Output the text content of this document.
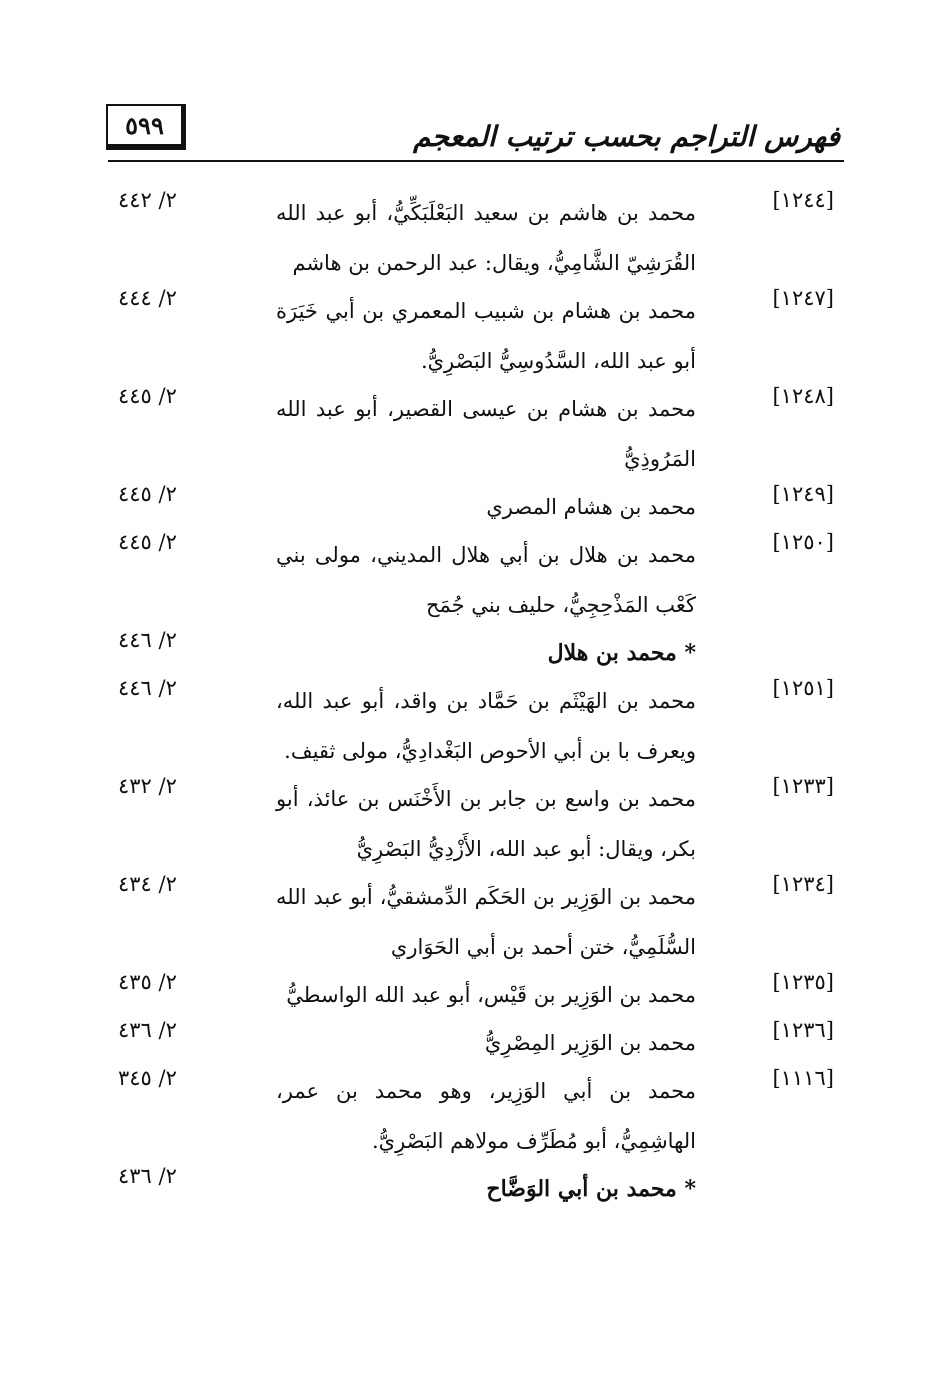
٥٩٩	فهرس التراجم بحسب ترتيب المعجم
[١٢٤٤]
محمد بن هاشم بن سعيد البَعْلَبَكِّيُّ، أبو عبد الله القُرَشِيّ الشَّامِيُّ، ويقال: عبد الرحمن بن هاشم
٢/ ٤٤٢
[١٢٤٧]
محمد بن هشام بن شبيب المعمري بن أبي خَيَرَة أبو عبد الله، السَّدُوسِيُّ البَصْرِيُّ.
٢/ ٤٤٤
[١٢٤٨]
محمد بن هشام بن عيسى القصير، أبو عبد الله المَرُوذِيُّ
٢/ ٤٤٥
[١٢٤٩]
محمد بن هشام المصري
٢/ ٤٤٥
[١٢٥٠]
محمد بن هلال بن أبي هلال المديني، مولى بني كَعْب المَذْحِجِيُّ، حليف بني جُمَح
٢/ ٤٤٥
* محمد بن هلال
٢/ ٤٤٦
[١٢٥١]
محمد بن الهَيْثَم بن حَمَّاد بن واقد، أبو عبد الله، ويعرف با بن أبي الأحوص البَغْدادِيُّ، مولى ثقيف.
٢/ ٤٤٦
[١٢٣٣]
محمد بن واسع بن جابر بن الأَخْنَس بن عائذ، أبو بكر، ويقال: أبو عبد الله، الأَزْدِيُّ البَصْرِيُّ
٢/ ٤٣٢
[١٢٣٤]
محمد بن الوَزِير بن الحَكَم الدِّمشقيُّ، أبو عبد الله السُّلَمِيُّ، ختن أحمد بن أبي الحَوَاري
٢/ ٤٣٤
[١٢٣٥]
محمد بن الوَزِير بن قَيْس، أبو عبد الله الواسطيُّ
٢/ ٤٣٥
[١٢٣٦]
محمد بن الوَزِير المِصْرِيُّ
٢/ ٤٣٦
[١١١٦]
محمد بن أبي الوَزِير، وهو محمد بن عمر، الهاشِمِيُّ، أبو مُطَرِّف مولاهم البَصْرِيُّ.
٢/ ٣٤٥
* محمد بن أبي الوَضَّاح
٢/ ٤٣٦
